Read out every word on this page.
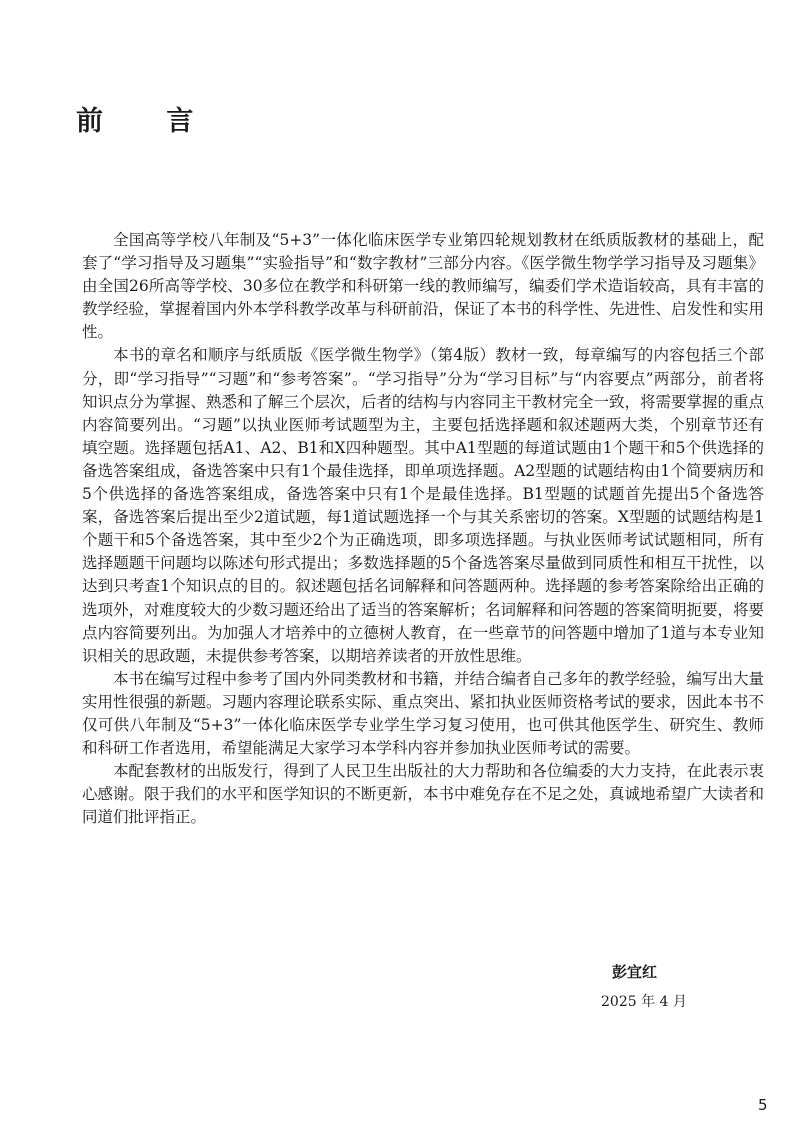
前 言

全国高等学校八年制及“5+3”一体化临床医学专业第四轮规划教材在纸质版教材的基础上，配套了“学习指导及习题集”“实验指导”和“数字教材”三部分内容。《医学微生物学学习指导及习题集》由全国26所高等学校、30多位在教学和科研第一线的教师编写，编委们学术造诣较高，具有丰富的教学经验，掌握着国内外本学科教学改革与科研前沿，保证了本书的科学性、先进性、启发性和实用性。

本书的章名和顺序与纸质版《医学微生物学》（第4版）教材一致，每章编写的内容包括三个部分，即“学习指导”“习题”和“参考答案”。“学习指导”分为“学习目标”与“内容要点”两部分，前者将知识点分为掌握、熟悉和了解三个层次，后者的结构与内容同主干教材完全一致，将需要掌握的重点内容简要列出。“习题”以执业医师考试题型为主，主要包括选择题和叙述题两大类，个别章节还有填空题。选择题包括A1、A2、B1和X四种题型。其中A1型题的每道试题由1个题干和5个供选择的备选答案组成，备选答案中只有1个最佳选择，即单项选择题。A2型题的试题结构由1个简要病历和5个供选择的备选答案组成，备选答案中只有1个是最佳选择。B1型题的试题首先提出5个备选答案，备选答案后提出至少2道试题，每1道试题选择一个与其关系密切的答案。X型题的试题结构是1个题干和5个备选答案，其中至少2个为正确选项，即多项选择题。与执业医师考试试题相同，所有选择题题干问题均以陈述句形式提出；多数选择题的5个备选答案尽量做到同质性和相互干扰性，以达到只考查1个知识点的目的。叙述题包括名词解释和问答题两种。选择题的参考答案除给出正确的选项外，对难度较大的少数习题还给出了适当的答案解析；名词解释和问答题的答案简明扼要，将要点内容简要列出。为加强人才培养中的立德树人教育，在一些章节的问答题中增加了1道与本专业知识相关的思政题，未提供参考答案，以期培养读者的开放性思维。

本书在编写过程中参考了国内外同类教材和书籍，并结合编者自己多年的教学经验，编写出大量实用性很强的新题。习题内容理论联系实际、重点突出、紧扣执业医师资格考试的要求，因此本书不仅可供八年制及“5+3”一体化临床医学专业学生学习复习使用，也可供其他医学生、研究生、教师和科研工作者选用，希望能满足大家学习本学科内容并参加执业医师考试的需要。

本配套教材的出版发行，得到了人民卫生出版社的大力帮助和各位编委的大力支持，在此表示衷心感谢。限于我们的水平和医学知识的不断更新，本书中难免存在不足之处，真诚地希望广大读者和同道们批评指正。

彭宜红
2025 年 4 月
5
